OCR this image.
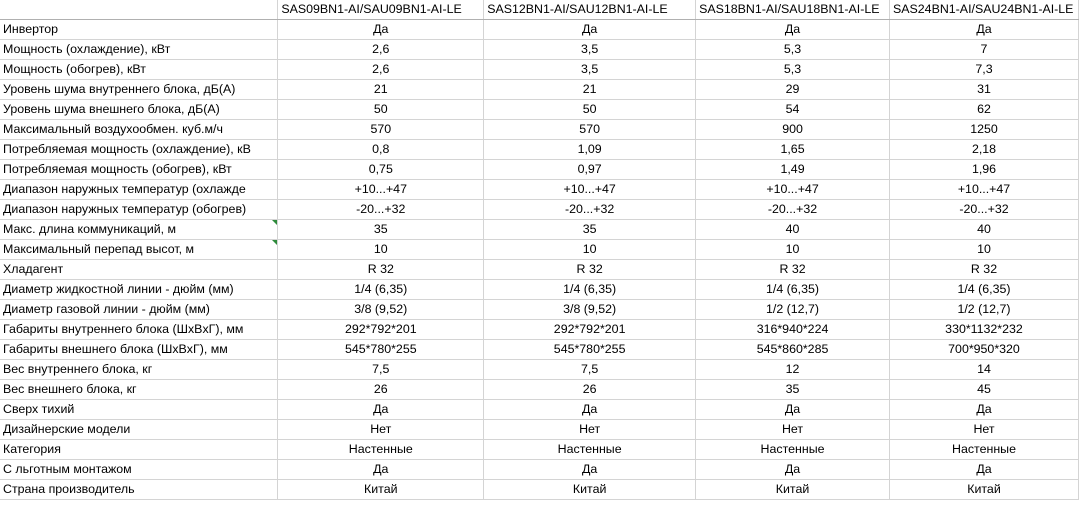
	SAS09BN1-AI/SAU09BN1-AI-LE	SAS12BN1-AI/SAU12BN1-AI-LE	SAS18BN1-AI/SAU18BN1-AI-LE	SAS24BN1-AI/SAU24BN1-AI-LE
Инвертор	Да	Да	Да	Да
Мощность (охлаждение), кВт	2,6	3,5	5,3	7
Мощность (обогрев), кВт	2,6	3,5	5,3	7,3
Уровень шума внутреннего блока, дБ(А)	21	21	29	31
Уровень шума внешнего блока, дБ(А)	50	50	54	62
Максимальный воздухообмен. куб.м/ч	570	570	900	1250
Потребляемая мощность (охлаждение), кВ	0,8	1,09	1,65	2,18
Потребляемая мощность (обогрев), кВт	0,75	0,97	1,49	1,96
Диапазон наружных температур (охлажде	+10...+47	+10...+47	+10...+47	+10...+47
Диапазон наружных температур (обогрев)	-20...+32	-20...+32	-20...+32	-20...+32
Макс. длина коммуникаций, м	35	35	40	40
Максимальный перепад высот, м	10	10	10	10
Хладагент	R 32	R 32	R 32	R 32
Диаметр жидкостной линии - дюйм (мм)	1/4 (6,35)	1/4 (6,35)	1/4 (6,35)	1/4 (6,35)
Диаметр газовой линии - дюйм (мм)	3/8 (9,52)	3/8 (9,52)	1/2 (12,7)	1/2 (12,7)
Габариты внутреннего блока (ШxВxГ), мм	292*792*201	292*792*201	316*940*224	330*1132*232
Габариты внешнего блока (ШxВxГ), мм	545*780*255	545*780*255	545*860*285	700*950*320
Вес внутреннего блока, кг	7,5	7,5	12	14
Вес внешнего блока, кг	26	26	35	45
Сверх тихий	Да	Да	Да	Да
Дизайнерские модели	Нет	Нет	Нет	Нет
Категория	Настенные	Настенные	Настенные	Настенные
С льготным монтажом	Да	Да	Да	Да
Страна производитель	Китай	Китай	Китай	Китай
